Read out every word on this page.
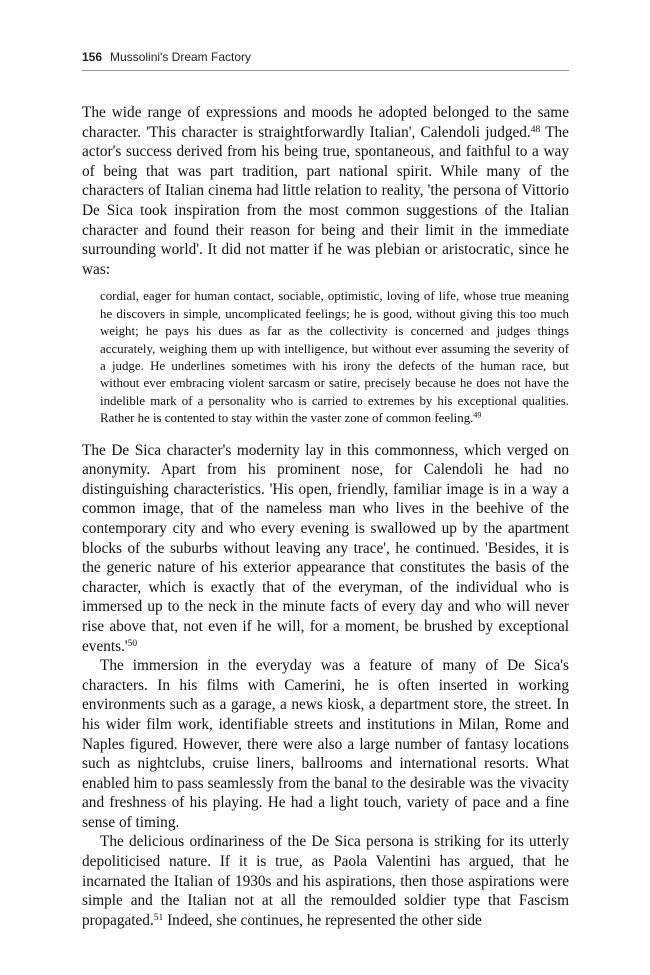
156 Mussolini's Dream Factory

The wide range of expressions and moods he adopted belonged to the same character. 'This character is straightforwardly Italian', Calendoli judged.$^{48}$ The actor's success derived from his being true, spontaneous, and faithful to a way of being that was part tradition, part national spirit. While many of the characters of Italian cinema had little relation to reality, 'the persona of Vittorio De Sica took inspiration from the most common suggestions of the Italian character and found their reason for being and their limit in the immediate surrounding world'. It did not matter if he was plebian or aristocratic, since he was:

cordial, eager for human contact, sociable, optimistic, loving of life, whose true meaning he discovers in simple, uncomplicated feelings; he is good, without giving this too much weight; he pays his dues as far as the collectivity is concerned and judges things accurately, weighing them up with intelligence, but without ever assuming the severity of a judge. He underlines sometimes with his irony the defects of the human race, but without ever embracing violent sarcasm or satire, precisely because he does not have the indelible mark of a personality who is carried to extremes by his exceptional qualities. Rather he is contented to stay within the vaster zone of common feeling.$^{49}$

The De Sica character's modernity lay in this commonness, which verged on anonymity. Apart from his prominent nose, for Calendoli he had no distinguishing characteristics. 'His open, friendly, familiar image is in a way a common image, that of the nameless man who lives in the beehive of the contemporary city and who every evening is swallowed up by the apartment blocks of the suburbs without leaving any trace', he continued. 'Besides, it is the generic nature of his exterior appearance that constitutes the basis of the character, which is exactly that of the everyman, of the individual who is immersed up to the neck in the minute facts of every day and who will never rise above that, not even if he will, for a moment, be brushed by exceptional events.'$^{50}$

The immersion in the everyday was a feature of many of De Sica's characters. In his films with Camerini, he is often inserted in working environments such as a garage, a news kiosk, a department store, the street. In his wider film work, identifiable streets and institutions in Milan, Rome and Naples figured. However, there were also a large number of fantasy locations such as nightclubs, cruise liners, ballrooms and international resorts. What enabled him to pass seamlessly from the banal to the desirable was the vivacity and freshness of his playing. He had a light touch, variety of pace and a fine sense of timing.

The delicious ordinariness of the De Sica persona is striking for its utterly depoliticised nature. If it is true, as Paola Valentini has argued, that he incarnated the Italian of 1930s and his aspirations, then those aspirations were simple and the Italian not at all the remoulded soldier type that Fascism propagated.$^{51}$ Indeed, she continues, he represented the other side
